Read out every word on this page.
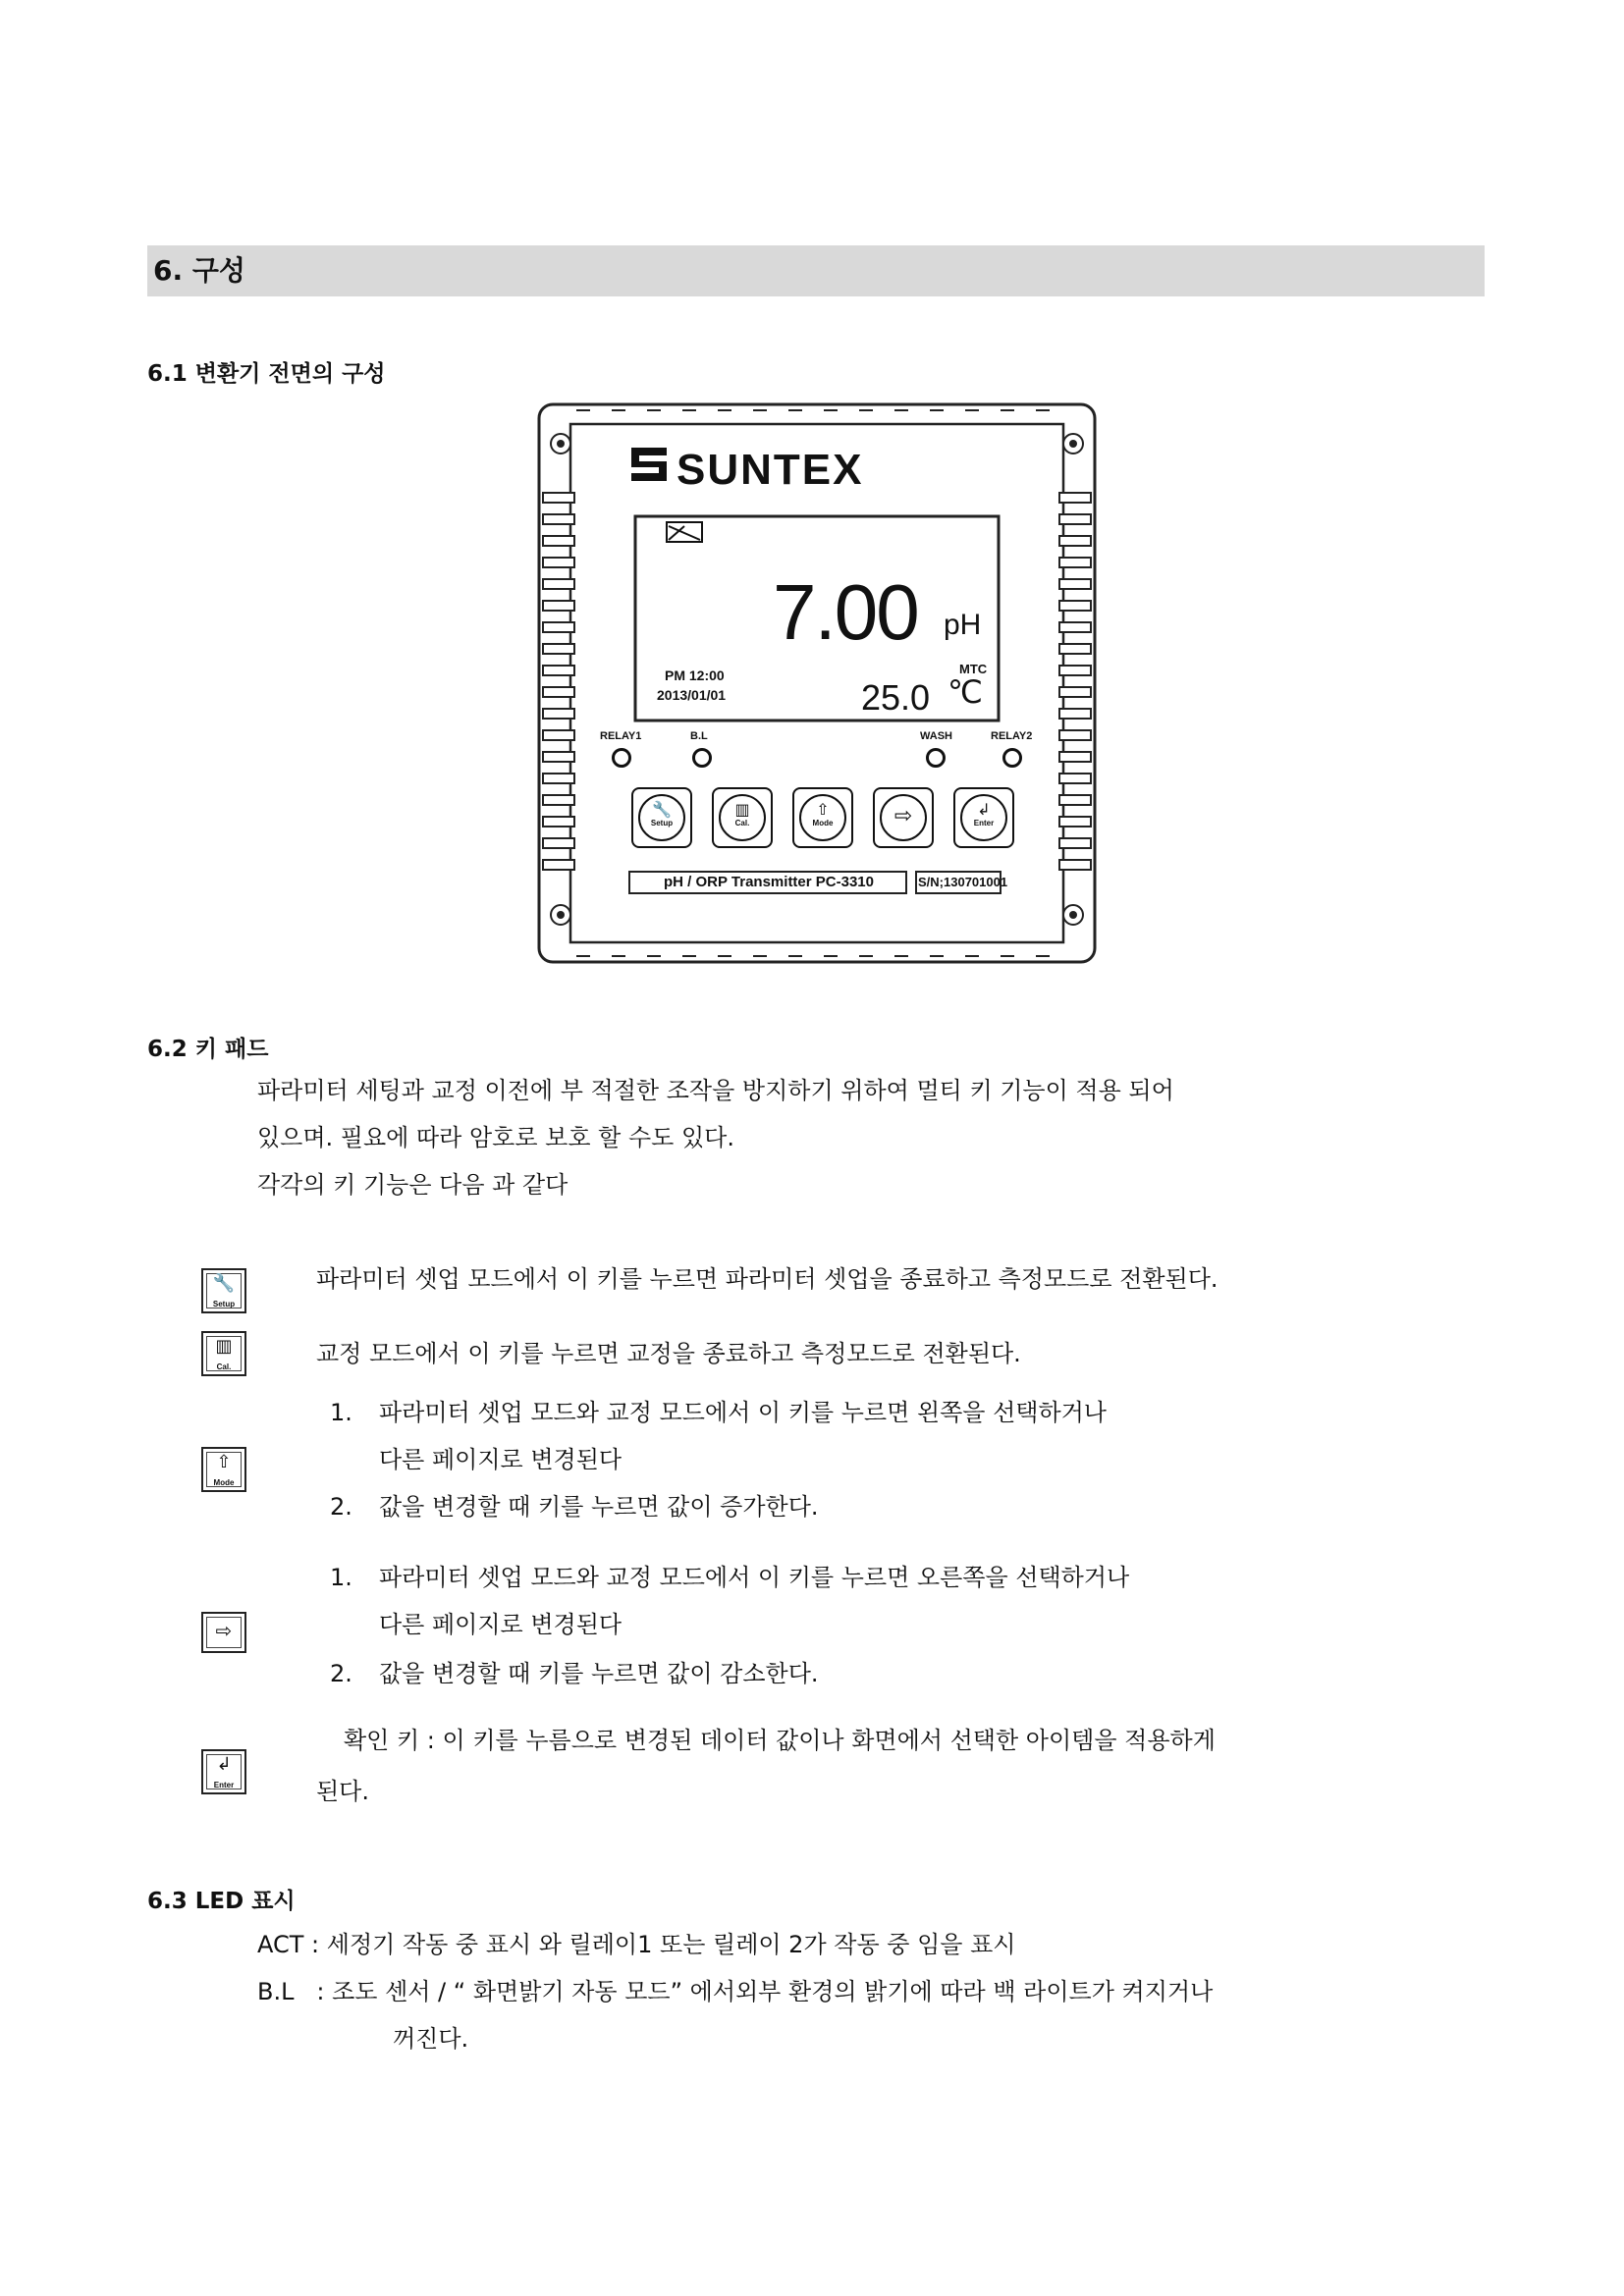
6. 구성
6.1 변환기 전면의 구성
SUNTEX
7.00 pH
PM 12:00
2013/01/01
MTC
25.0 ℃
RELAY1	B.L	WASH	RELAY2
🔧
Setup
▥
Cal.
⇧
Mode	⇨	↲
Enter
pH / ORP Transmitter PC-3310	S/N;130701001
6.2 키 패드
파라미터 세팅과 교정 이전에 부 적절한 조작을 방지하기 위하여 멀티 키 기능이 적용 되어
있으며. 필요에 따라 암호로 보호 할 수도 있다.
각각의 키 기능은 다음 과 같다
🔧
Setup
파라미터 셋업 모드에서 이 키를 누르면 파라미터 셋업을 종료하고 측정모드로 전환된다.
▥
Cal.	교정 모드에서 이 키를 누르면 교정을 종료하고 측정모드로 전환된다.
⇧
Mode
1. 파라미터 셋업 모드와 교정 모드에서 이 키를 누르면 왼쪽을 선택하거나
다른 페이지로 변경된다
2. 값을 변경할 때 키를 누르면 값이 증가한다.
⇨
1. 파라미터 셋업 모드와 교정 모드에서 이 키를 누르면 오른쪽을 선택하거나
다른 페이지로 변경된다
2. 값을 변경할 때 키를 누르면 값이 감소한다.
↲
Enter
확인 키 : 이 키를 누름으로 변경된 데이터 값이나 화면에서 선택한 아이템을 적용하게
된다.
6.3 LED 표시
ACT : 세정기 작동 중 표시 와 릴레이1 또는 릴레이 2가 작동 중 임을 표시
B.L   : 조도 센서 / “ 화면밝기 자동 모드” 에서외부 환경의 밝기에 따라 백 라이트가 켜지거나
꺼진다.
